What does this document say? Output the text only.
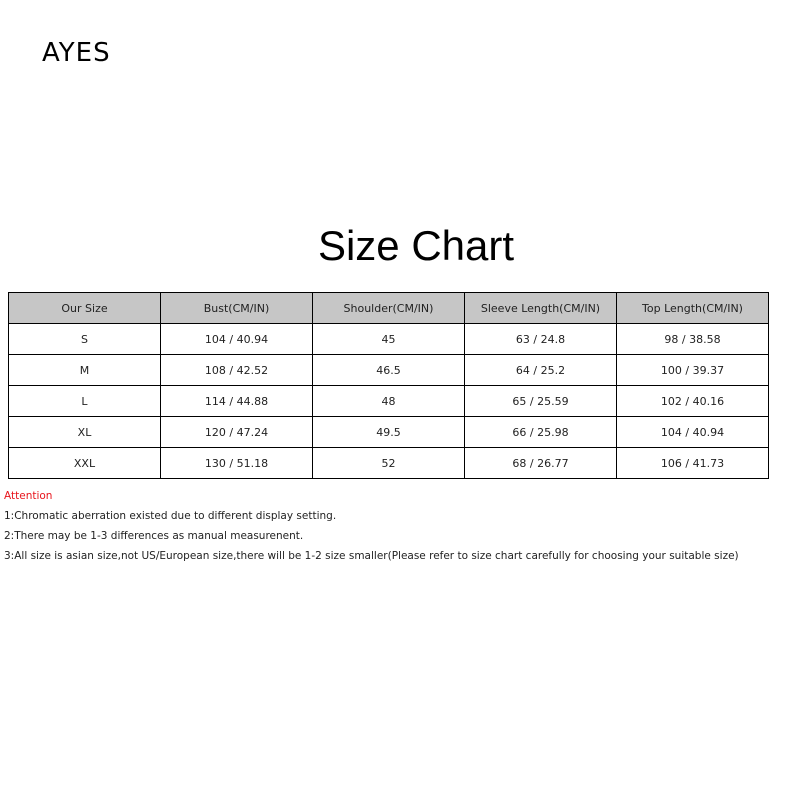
AYES
Size Chart
Our Size	Bust(CM/IN)	Shoulder(CM/IN)	Sleeve Length(CM/IN)	Top Length(CM/IN)
S	104 / 40.94	45	63 / 24.8	98 / 38.58
M	108 / 42.52	46.5	64 / 25.2	100 / 39.37
L	114 / 44.88	48	65 / 25.59	102 / 40.16
XL	120 / 47.24	49.5	66 / 25.98	104 / 40.94
XXL	130 / 51.18	52	68 / 26.77	106 / 41.73
Attention
1:Chromatic aberration existed due to different display setting.
2:There may be 1-3 differences as manual measurenent.
3:All size is asian size,not US/European size,there will be 1-2 size smaller(Please refer to size chart carefully for choosing your suitable size)
